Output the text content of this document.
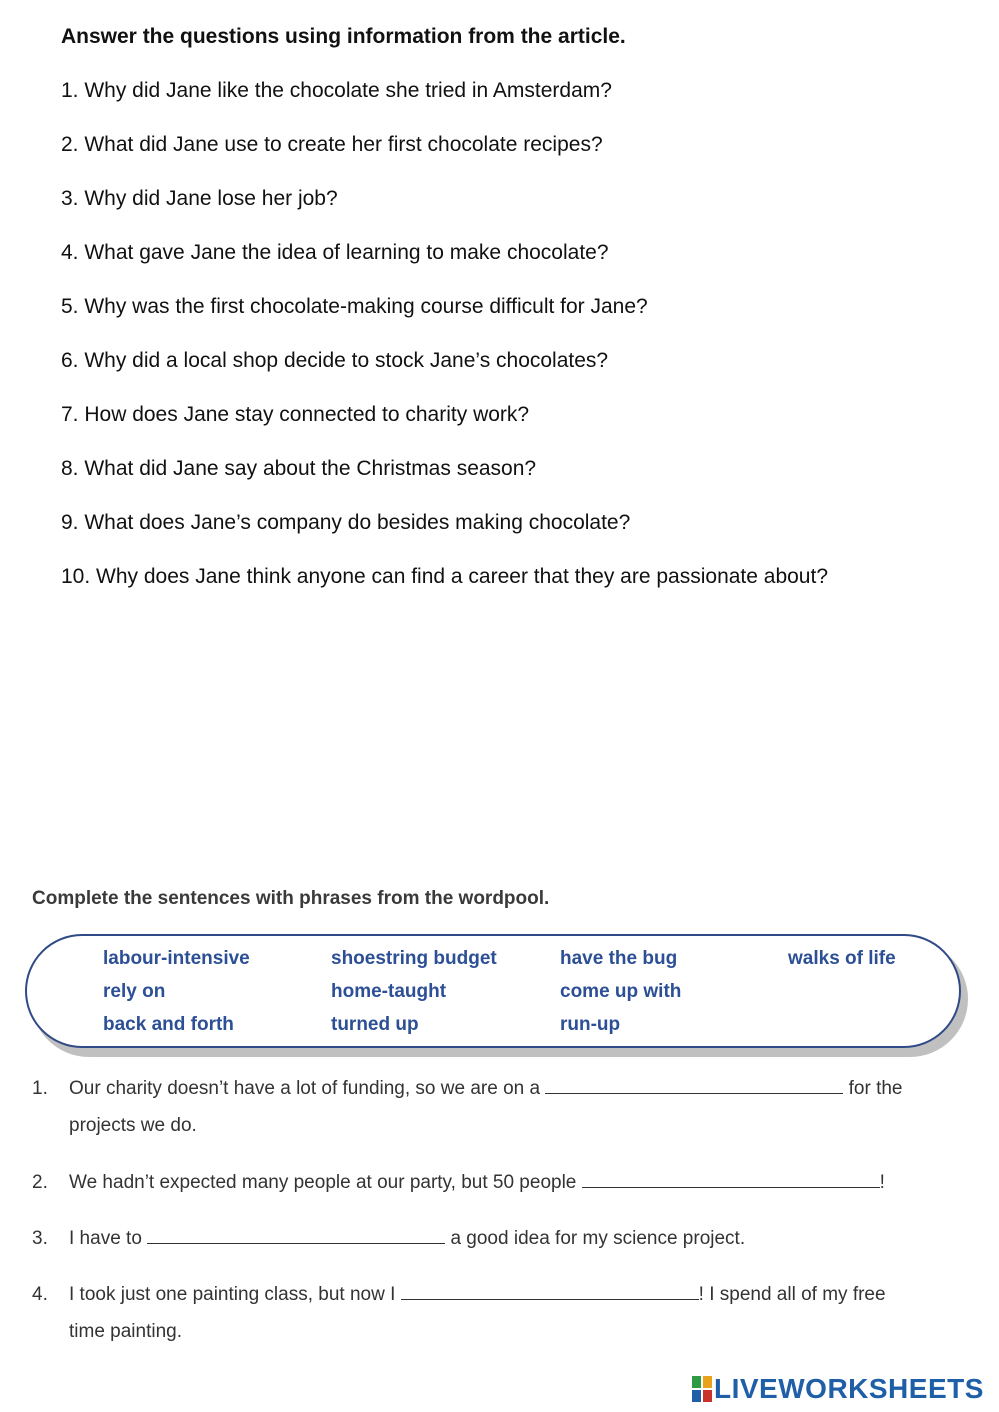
Answer the questions using information from the article.
1. Why did Jane like the chocolate she tried in Amsterdam?
2. What did Jane use to create her first chocolate recipes?
3. Why did Jane lose her job?
4. What gave Jane the idea of learning to make chocolate?
5. Why was the first chocolate-making course difficult for Jane?
6. Why did a local shop decide to stock Jane’s chocolates?
7. How does Jane stay connected to charity work?
8. What did Jane say about the Christmas season?
9. What does Jane’s company do besides making chocolate?
10. Why does Jane think anyone can find a career that they are passionate about?
Complete the sentences with phrases from the wordpool.
labour-intensive	shoestring budget	have the bug	walks of life
rely on	home-taught	come up with
back and forth	turned up	run-up
1. Our charity doesn’t have a lot of funding, so we are on a	for the
projects we do.
2. We hadn’t expected many people at our party, but 50 people	!
3. I have to	a good idea for my science project.
4. I took just one painting class, but now I	! I spend all of my free
time painting.
LIVEWORKSHEETS
